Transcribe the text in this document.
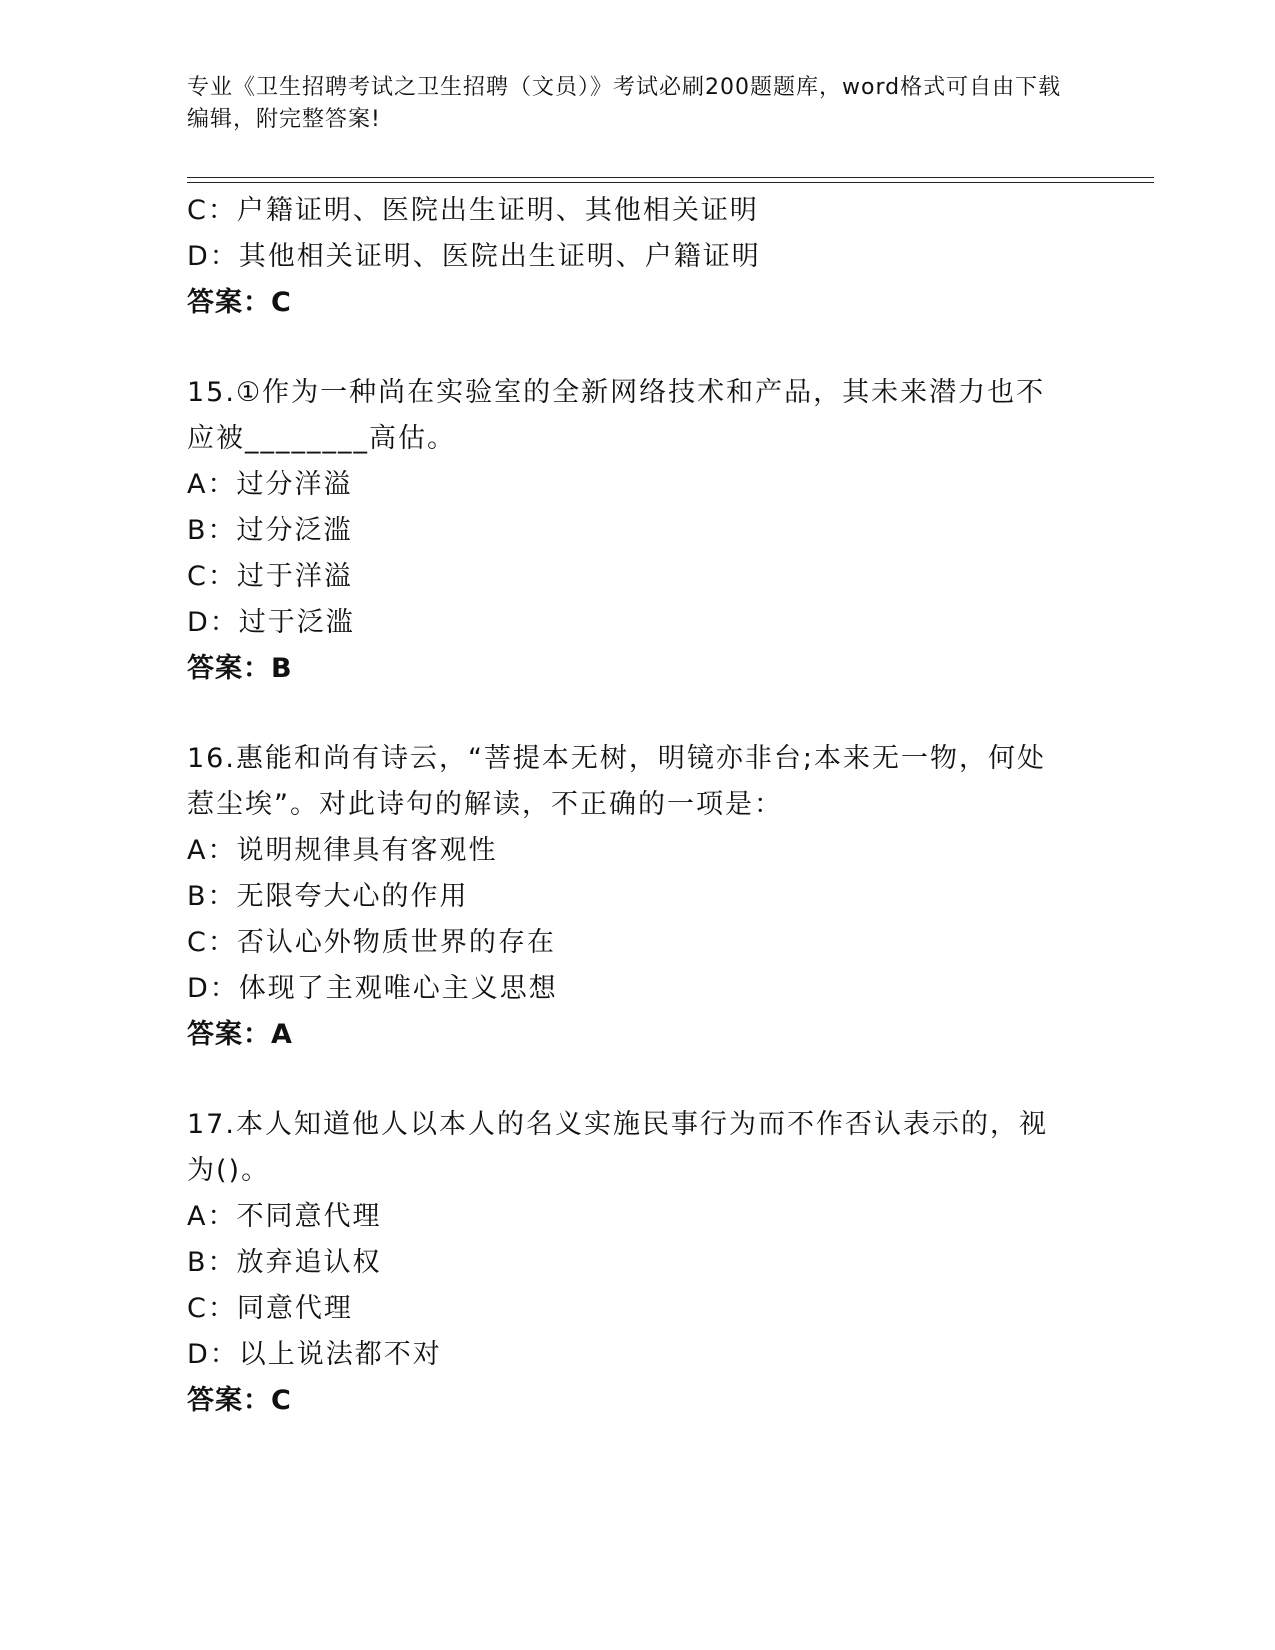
专业《卫生招聘考试之卫生招聘（文员）》考试必刷200题题库，word格式可自由下载编辑，附完整答案!
C：户籍证明、医院出生证明、其他相关证明
D：其他相关证明、医院出生证明、户籍证明
答案：C
15.①作为一种尚在实验室的全新网络技术和产品，其未来潜力也不应被________高估。
A：过分洋溢
B：过分泛滥
C：过于洋溢
D：过于泛滥
答案：B
16.惠能和尚有诗云，“菩提本无树，明镜亦非台;本来无一物，何处惹尘埃”。对此诗句的解读，不正确的一项是：
A：说明规律具有客观性
B：无限夸大心的作用
C：否认心外物质世界的存在
D：体现了主观唯心主义思想
答案：A
17.本人知道他人以本人的名义实施民事行为而不作否认表示的，视为()。
A：不同意代理
B：放弃追认权
C：同意代理
D：以上说法都不对
答案：C
